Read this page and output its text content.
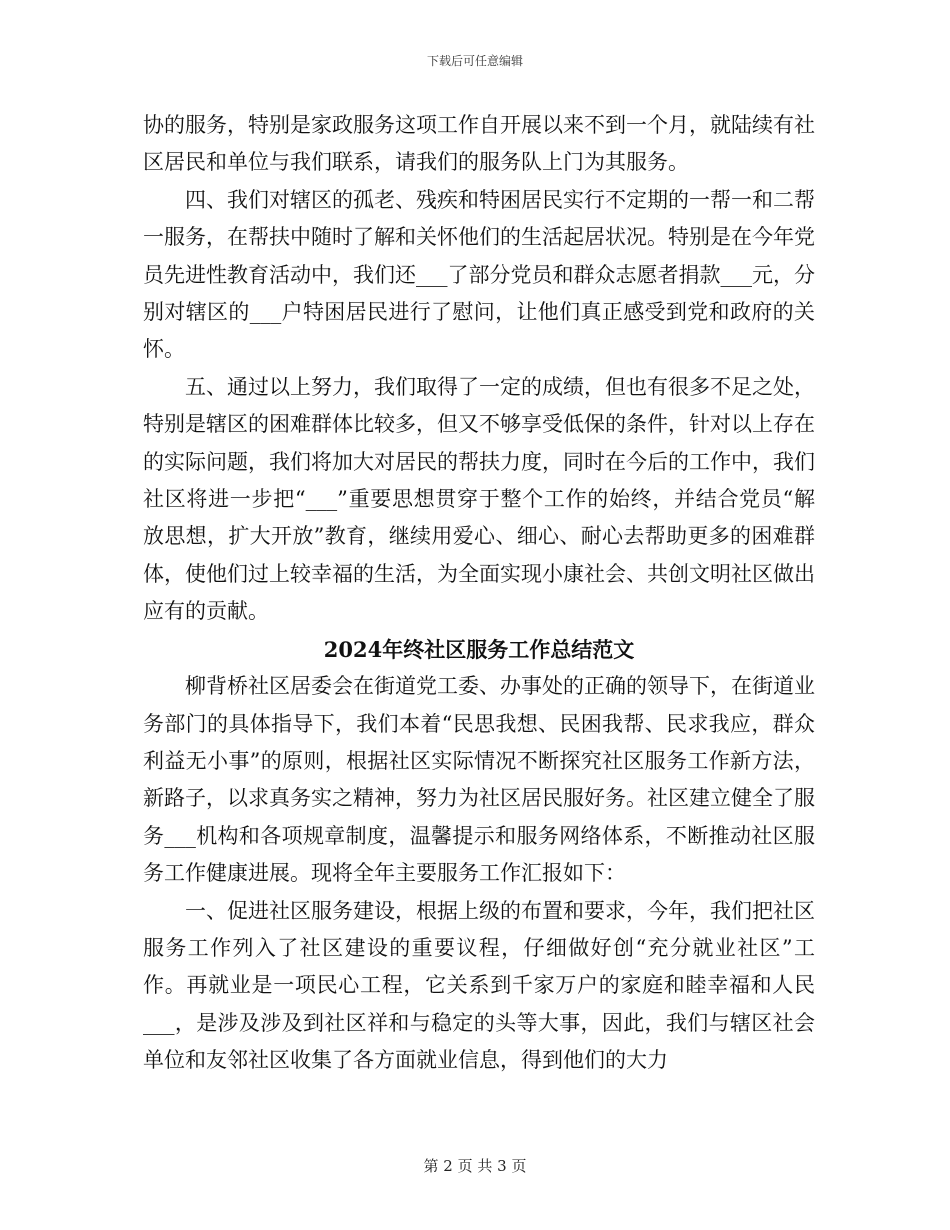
下载后可任意编辑

协的服务，特别是家政服务这项工作自开展以来不到一个月，就陆续有社区居民和单位与我们联系，请我们的服务队上门为其服务。

四、我们对辖区的孤老、残疾和特困居民实行不定期的一帮一和二帮一服务，在帮扶中随时了解和关怀他们的生活起居状况。特别是在今年党员先进性教育活动中，我们还___了部分党员和群众志愿者捐款___元，分别对辖区的___户特困居民进行了慰问，让他们真正感受到党和政府的关怀。

五、通过以上努力，我们取得了一定的成绩，但也有很多不足之处，特别是辖区的困难群体比较多，但又不够享受低保的条件，针对以上存在的实际问题，我们将加大对居民的帮扶力度，同时在今后的工作中，我们社区将进一步把“___”重要思想贯穿于整个工作的始终，并结合党员“解放思想，扩大开放”教育，继续用爱心、细心、耐心去帮助更多的困难群体，使他们过上较幸福的生活，为全面实现小康社会、共创文明社区做出应有的贡献。

2024年终社区服务工作总结范文

柳背桥社区居委会在街道党工委、办事处的正确的领导下，在街道业务部门的具体指导下，我们本着“民思我想、民困我帮、民求我应，群众利益无小事”的原则，根据社区实际情况不断探究社区服务工作新方法，新路子，以求真务实之精神，努力为社区居民服好务。社区建立健全了服务___机构和各项规章制度，温馨提示和服务网络体系，不断推动社区服务工作健康进展。现将全年主要服务工作汇报如下：

一、促进社区服务建设，根据上级的布置和要求，今年，我们把社区服务工作列入了社区建设的重要议程，仔细做好创“充分就业社区”工作。再就业是一项民心工程，它关系到千家万户的家庭和睦幸福和人民___，是涉及涉及到社区祥和与稳定的头等大事，因此，我们与辖区社会单位和友邻社区收集了各方面就业信息，得到他们的大力

第 2 页 共 3 页
